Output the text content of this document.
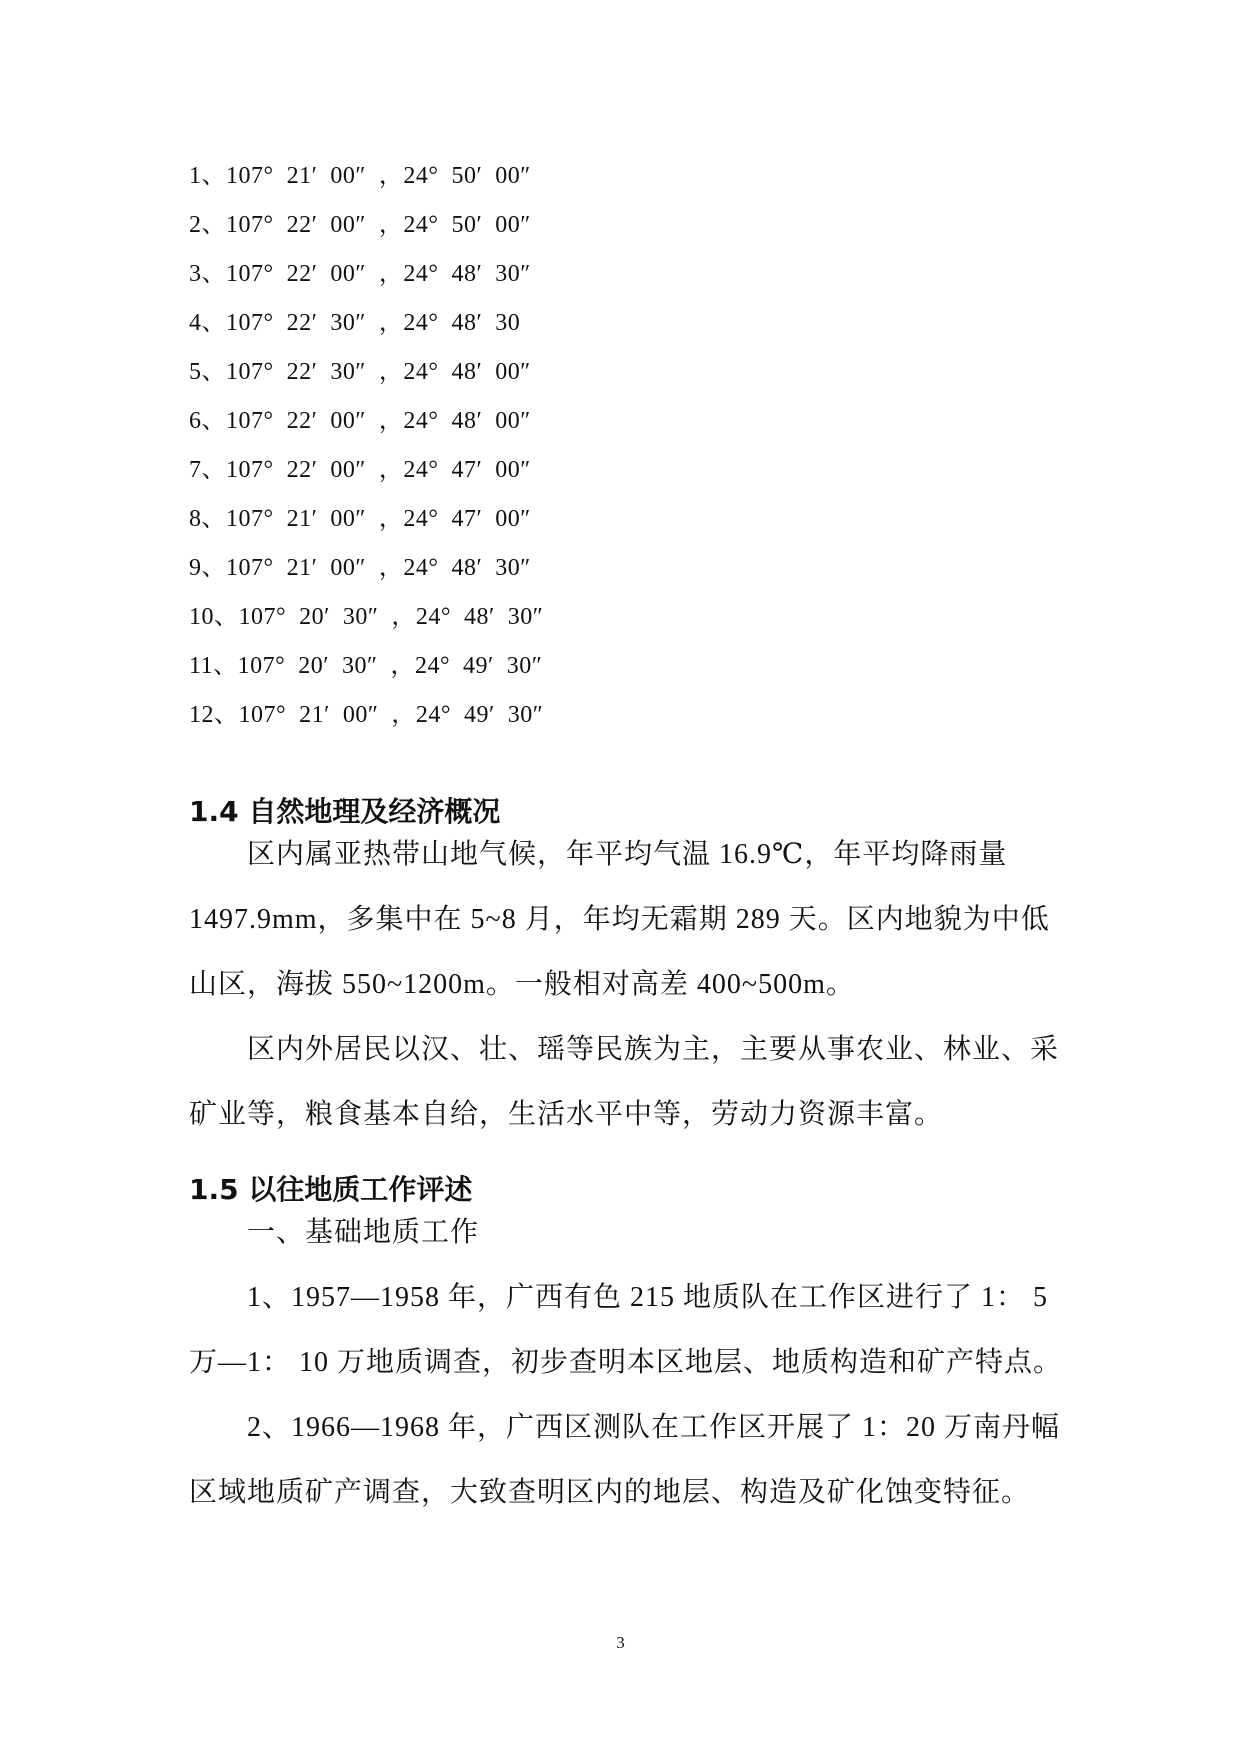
1、107°  21′  00″  ，24°  50′  00″
2、107°  22′  00″  ，24°  50′  00″
3、107°  22′  00″  ，24°  48′  30″
4、107°  22′  30″  ，24°  48′  30
5、107°  22′  30″  ，24°  48′  00″
6、107°  22′  00″  ，24°  48′  00″
7、107°  22′  00″  ，24°  47′  00″
8、107°  21′  00″  ，24°  47′  00″
9、107°  21′  00″  ，24°  48′  30″
10、107°  20′  30″  ，24°  48′  30″
11、107°  20′  30″  ，24°  49′  30″
12、107°  21′  00″  ，24°  49′  30″
1.4 自然地理及经济概况
区内属亚热带山地气候，年平均气温 16.9℃，年平均降雨量
1497.9mm，多集中在 5~8 月，年均无霜期 289 天。区内地貌为中低
山区，海拔 550~1200m。一般相对高差 400~500m。
区内外居民以汉、壮、瑶等民族为主，主要从事农业、林业、采
矿业等，粮食基本自给，生活水平中等，劳动力资源丰富。
1.5 以往地质工作评述
一、基础地质工作
1、1957—1958 年，广西有色 215 地质队在工作区进行了 1： 5
万—1： 10 万地质调查，初步查明本区地层、地质构造和矿产特点。
2、1966—1968 年，广西区测队在工作区开展了 1：20 万南丹幅
区域地质矿产调查，大致查明区内的地层、构造及矿化蚀变特征。
3
